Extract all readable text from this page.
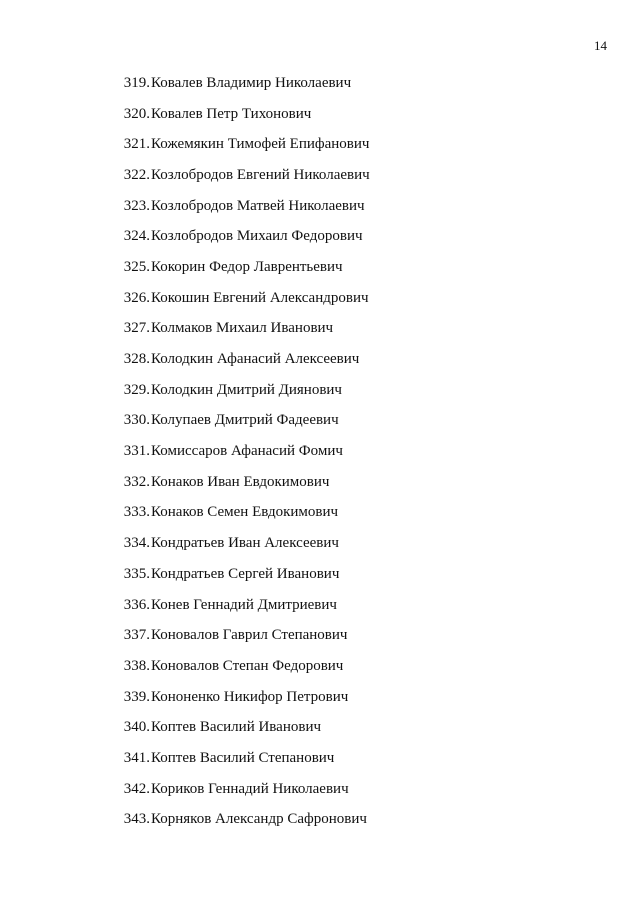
14
319. Ковалев Владимир Николаевич
320. Ковалев Петр Тихонович
321. Кожемякин Тимофей Епифанович
322. Козлобродов Евгений Николаевич
323. Козлобродов Матвей Николаевич
324. Козлобродов Михаил Федорович
325. Кокорин Федор Лаврентьевич
326. Кокошин Евгений Александрович
327. Колмаков Михаил Иванович
328. Колодкин Афанасий Алексеевич
329. Колодкин Дмитрий Диянович
330. Колупаев Дмитрий Фадеевич
331. Комиссаров Афанасий Фомич
332. Конаков Иван Евдокимович
333. Конаков Семен Евдокимович
334. Кондратьев Иван Алексеевич
335. Кондратьев Сергей Иванович
336. Конев Геннадий Дмитриевич
337. Коновалов Гаврил Степанович
338. Коновалов Степан Федорович
339. Кононенко Никифор Петрович
340. Коптев Василий Иванович
341. Коптев Василий Степанович
342. Кориков Геннадий Николаевич
343. Корняков Александр Сафронович
